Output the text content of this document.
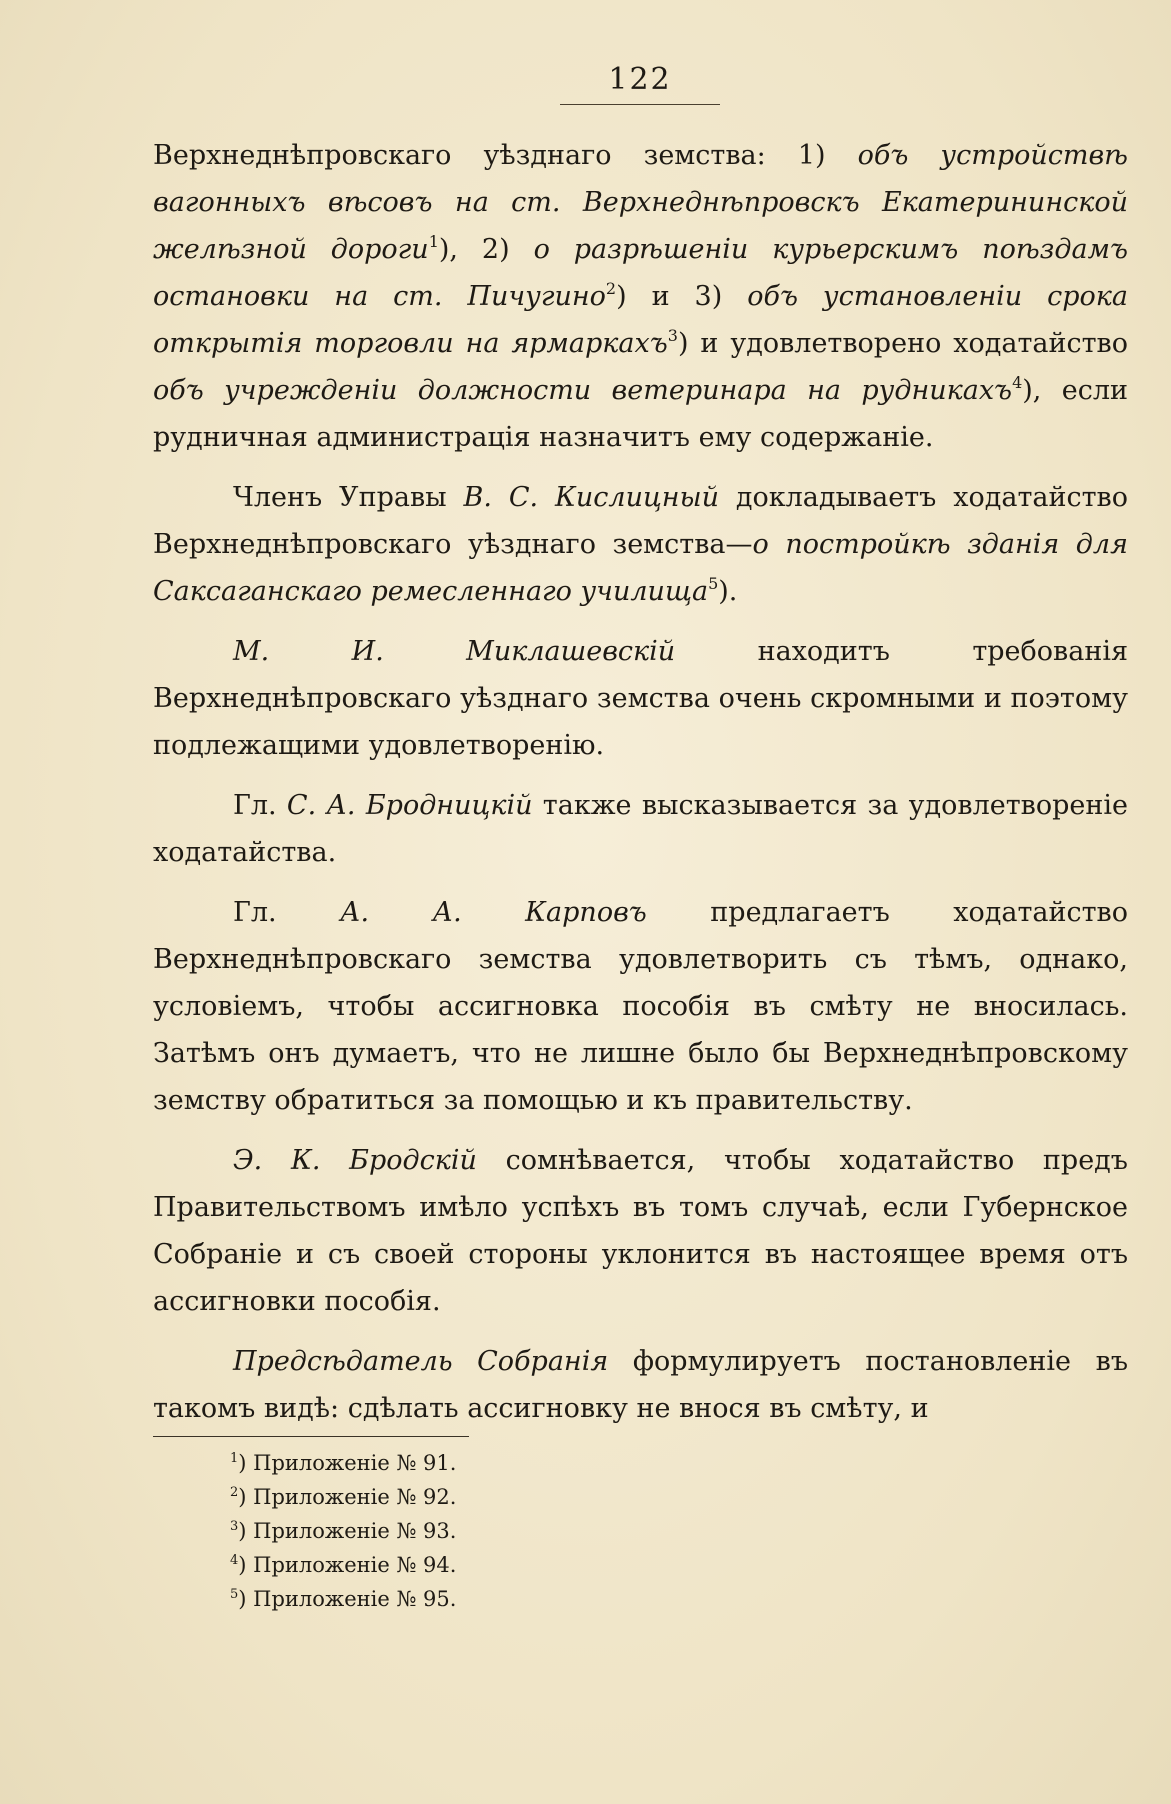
122

Верхнеднѣпровскаго уѣзднаго земства: 1) объ устройствѣ вагонныхъ вѣсовъ на ст. Верхнеднѣпровскъ Екатерининской желѣзной дороги$^1$), 2) о разрѣшеніи курьерскимъ поѣздамъ остановки на ст. Пичугино$^2$) и 3) объ установленіи срока открытія торговли на ярмаркахъ$^3$) и удовлетворено ходатайство объ учрежденіи должности ветеринара на рудникахъ$^4$), если рудничная администрація назначитъ ему содержаніе.

Членъ Управы В. С. Кислицный докладываетъ ходатайство Верхнеднѣпровскаго уѣзднаго земства—о постройкѣ зданія для Саксаганскаго ремесленнаго училища$^5$).

М. И. Миклашевскій находитъ требованія Верхнеднѣпровскаго уѣзднаго земства очень скромными и поэтому подлежащими удовлетворенію.

Гл. С. А. Бродницкій также высказывается за удовлетвореніе ходатайства.

Гл. А. А. Карповъ предлагаетъ ходатайство Верхнеднѣпровскаго земства удовлетворить съ тѣмъ, однако, условіемъ, чтобы ассигновка пособія въ смѣту не вносилась. Затѣмъ онъ думаетъ, что не лишне было бы Верхнеднѣпровскому земству обратиться за помощью и къ правительству.

Э. К. Бродскій сомнѣвается, чтобы ходатайство предъ Правительствомъ имѣло успѣхъ въ томъ случаѣ, если Губернское Собраніе и съ своей стороны уклонится въ настоящее время отъ ассигновки пособія.

Предсѣдатель Собранія формулируетъ постановленіе въ такомъ видѣ: сдѣлать ассигновку не внося въ смѣту, и

$^1$) Приложеніе № 91.
$^2$) Приложеніе № 92.
$^3$) Приложеніе № 93.
$^4$) Приложеніе № 94.
$^5$) Приложеніе № 95.
